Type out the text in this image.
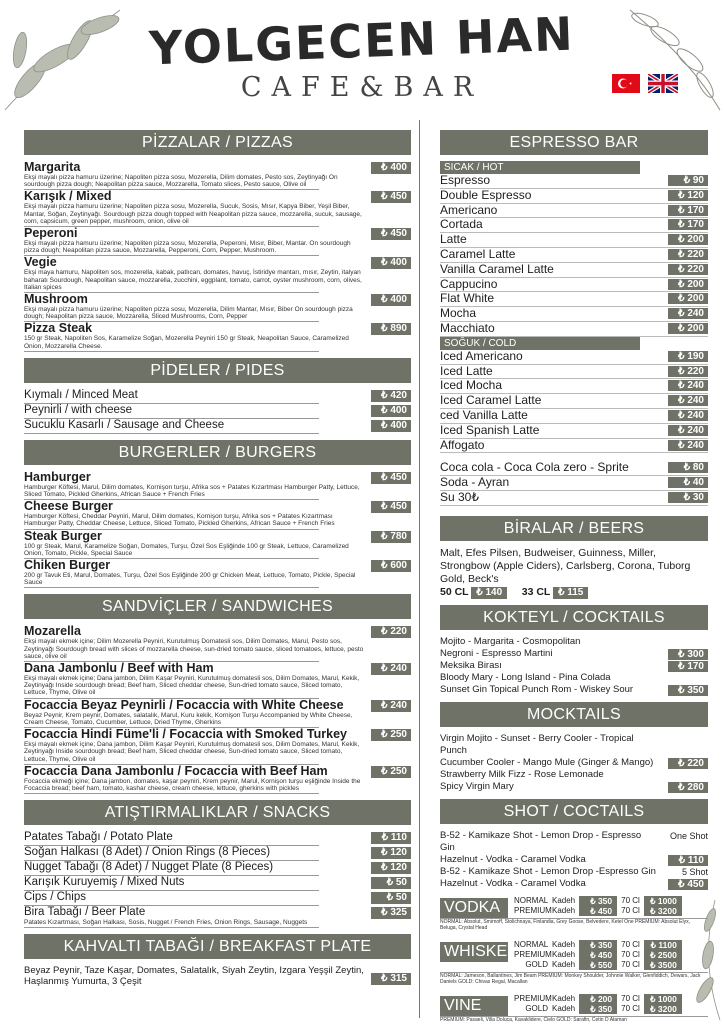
YOLGECEN HAN
CAFE&BAR
PİZZALAR / PIZZAS
Margarita
Ekşi mayalı pizza hamuru üzerine; Napoliten pizza sosu, Mozerella, Dilim domates, Pesto sos, Zeytinyağı On sourdough pizza dough; Neapolitan pizza sauce, Mozzarella, Tomato slices, Pesto sauce, Olive oil
₺ 400
Karışık / Mixed
Ekşi mayalı pizza hamuru üzerine; Napoliten pizza sosu, Mozerella, Sucuk, Sosis, Mısır, Kapya Biber, Yeşil Biber, Mantar, Soğan, Zeytinyağı. Sourdough pizza dough topped with Neapolitan pizza sauce, mozzarella, sucuk, sausage, corn, capsicum, green pepper, mushroom, onion, olive oil
₺ 450
Peperoni
Ekşi mayalı pizza hamuru üzerine; Napoliten pizza sosu, Mozerella, Peperoni, Mısır, Biber, Mantar. On sourdough pizza dough; Neapolitan pizza sauce, Mozzarella, Pepperoni, Corn, Pepper, Mushroom.
₺ 450
Vegie
Ekşi maya hamuru, Napoliten sos, mozerella, kabak, patlıcan, domates, havuç, İstiridye mantarı, mısır, Zeytin, italyan baharatı Sourdough, Neapolitan sauce, mozzarella, zucchini, eggplant, tomato, carrot, oyster mushroom, corn, olives, Italian spices
₺ 400
Mushroom
Ekşi mayalı pizza hamuru üzerine; Napoliten pizza sosu, Mozerella, Dilim Mantar, Mısır, Biber On sourdough pizza dough; Neapolitan pizza sauce, Mozzarella, Sliced Mushrooms, Corn, Pepper
₺ 400
Pizza Steak
150 gr Steak, Napoliten Sos, Karamelize Soğan, Mozerella Peyniri 150 gr Steak, Neapolitan Sauce, Caramelized Onion, Mozzarella Cheese.
₺ 890
PİDELER / PIDES
Kıymalı / Minced Meat	₺ 420
Peynirli / with cheese	₺ 400
Sucuklu Kasarlı / Sausage and Cheese	₺ 400
BURGERLER / BURGERS
Hamburger
Hamburger Köftesi, Marul, Dilim domates, Kornişon turşu, Afrika sos + Patates Kızartması Hamburger Patty, Lettuce, Sliced Tomato, Pickled Gherkins, African Sauce + French Fries
₺ 450
Cheese Burger
Hamburger Köftesi, Cheddar Peyniri, Marul, Dilim domates, Kornişon turşu, Afrika sos + Patates Kızartması Hamburger Patty, Cheddar Cheese, Lettuce, Sliced Tomato, Pickled Gherkins, African Sauce + French Fries
₺ 450
Steak Burger
100 gr Steak, Marul, Karamelize Soğan, Domates, Turşu, Özel Sos Eşliğinde 100 gr Steak, Lettuce, Caramelized Onion, Tomato, Pickle, Special Sauce
₺ 780
Chiken Burger
200 gr Tavuk Eti, Marul, Domates, Turşu, Özel Sos Eşliğinde 200 gr Chicken Meat, Lettuce, Tomato, Pickle, Special Sauce
₺ 600
SANDVİÇLER / SANDWICHES
Mozarella
Ekşi mayalı ekmek içine; Dilim Mozerella Peyniri, Kurutulmuş Domatesli sos, Dilim Domates, Marul, Pesto sos, Zeytinyağı Sourdough bread with slices of mozzarella cheese, sun-dried tomato sauce, sliced tomatoes, lettuce, pesto sauce, olive oil
₺ 220
Dana Jambonlu / Beef with Ham
Ekşi mayalı ekmek içine; Dana jambon, Dilim Kaşar Peyniri, Kurutulmuş domatesli sos, Dilim Domates, Marul, Kekik, Zeytinyağı Inside sourdough bread; Beef ham, Sliced cheddar cheese, Sun-dried tomato sauce, Sliced tomato, Lettuce, Thyme, Olive oil
₺ 240
Focaccia Beyaz Peynirli / Focaccia with White Cheese
Beyaz Peynir, Krem peynir, Domates, salatalık, Marul, Kuru kekik, Kornişon Turşu Accompanied by White Cheese, Cream Cheese, Tomato, Cucumber, Lettuce, Dried Thyme, Gherkins
₺ 240
Focaccia Hindi Füme'li / Focaccia with Smoked Turkey
Ekşi mayalı ekmek içine; Dana jambon, Dilim Kaşar Peyniri, Kurutulmuş domatesli sos, Dilim Domates, Marul, Kekik, Zeytinyağı Inside sourdough bread; Beef ham, Sliced cheddar cheese, Sun-dried tomato sauce, Sliced tomato, Lettuce, Thyme, Olive oil
₺ 250
Focaccia Dana Jambonlu / Focaccia with Beef Ham
Focaccia ekmeği içine; Dana jambon, domates, kaşar peyniri, Krem peynir, Marul, Kornişon turşu eşliğinde Inside the Focaccia bread; beef ham, tomato, kashar cheese, cream cheese, lettuce, gherkins with pickles
₺ 250
ATIŞTIRMALIKLAR / SNACKS
Patates Tabağı / Potato Plate	₺ 110
Soğan Halkası (8 Adet) / Onion Rings (8 Pieces)	₺ 120
Nugget Tabağı (8 Adet) / Nugget Plate (8 Pieces)	₺ 120
Karışık Kuruyemiş / Mixed Nuts	₺ 50
Cips / Chips	₺ 50
Bira Tabağı / Beer Plate
Patates Kızartması, Soğan Halkası, Sosis, Nugget / French Fries, Onion Rings, Sausage, Nuggets
₺ 325
KAHVALTI TABAĞI / BREAKFAST PLATE
Beyaz Peynir, Taze Kaşar, Domates, Salatalık, Siyah Zeytin, Izgara Yeşşil Zeytin, Haşlanmış Yumurta, 3 Çeşit	₺ 315
ESPRESSO BAR
SICAK / HOT
Espresso	₺ 90
Double Espresso	₺ 120
Americano	₺ 170
Cortada	₺ 170
Latte	₺ 200
Caramel Latte	₺ 220
Vanilla Caramel Latte	₺ 220
Cappucino	₺ 200
Flat White	₺ 200
Mocha	₺ 240
Macchiato	₺ 200
SOĞUK / COLD
Iced Americano	₺ 190
Iced Latte	₺ 220
Iced Mocha	₺ 240
Iced Caramel Latte	₺ 240
ced Vanilla Latte	₺ 240
Iced Spanish Latte	₺ 240
Affogato	₺ 240
Coca cola - Coca Cola zero - Sprite	₺ 80
Soda - Ayran	₺ 40
Su 30₺	₺ 30
BİRALAR / BEERS
Malt, Efes Pilsen, Budweiser, Guinness, Miller, Strongbow (Apple Ciders), Carlsberg, Corona, Tuborg Gold, Beck's
50 CL ₺ 140 33 CL ₺ 115
KOKTEYL / COCKTAILS
Mojito - Margarita - Cosmopolitan
Negroni - Espresso Martini	₺ 300
Meksika Birası	₺ 170
Bloody Mary - Long Island - Pina Colada
Sunset Gin Topical Punch Rom - Wiskey Sour	₺ 350
MOCKTAILS
Virgin Mojito - Sunset - Berry Cooler - Tropical Punch
Cucumber Cooler - Mango Mule (Ginger & Mango)	₺ 220
Strawberry Milk Fizz - Rose Lemonade
Spicy Virgin Mary	₺ 280
SHOT / COCTAILS
B-52 - Kamikaze Shot - Lemon Drop - Espresso Gin
One Shot
Hazelnut - Vodka - Caramel Vodka	₺ 110
B-52 - Kamikaze Shot - Lemon Drop -Espresso Gin	5 Shot
Hazelnut - Vodka - Caramel Vodka	₺ 450
VODKA	NORMAL Kadeh	₺ 350	70 Cl	₺ 1000
PREMIUM Kadeh	₺ 450	70 Cl	₺ 3200
NORMAL: Absolut, Smirnoff, Stolichnaya, Finlandia, Grey Goose, Belvedere, Ketel One PREMIUM: Absolut Elyx, Beluga, Crystal Head
WHISKEY
NORMAL Kadeh	₺ 350	70 Cl	₺ 1100
PREMIUM Kadeh	₺ 450	70 Cl	₺ 2500
GOLD Kadeh	₺ 550	70 Cl	₺ 3500
NORMAL: Jameson, Ballantines, Jim Beam PREMIUM: Monkey Shoulder, Johnnie Walker, Glenfiddich, Dewars, Jack Daniels GOLD: Chivas Regal, Macallan
VINE	PREMIUM Kadeh	₺ 200	70 Cl	₺ 1000
GOLD Kadeh	₺ 350	70 Cl	₺ 3200
PREMIUM: Pasaeli, Villa Doluca, Kavaklidere, Cielo GOLD: Sarafin, Cetin D Ataman
